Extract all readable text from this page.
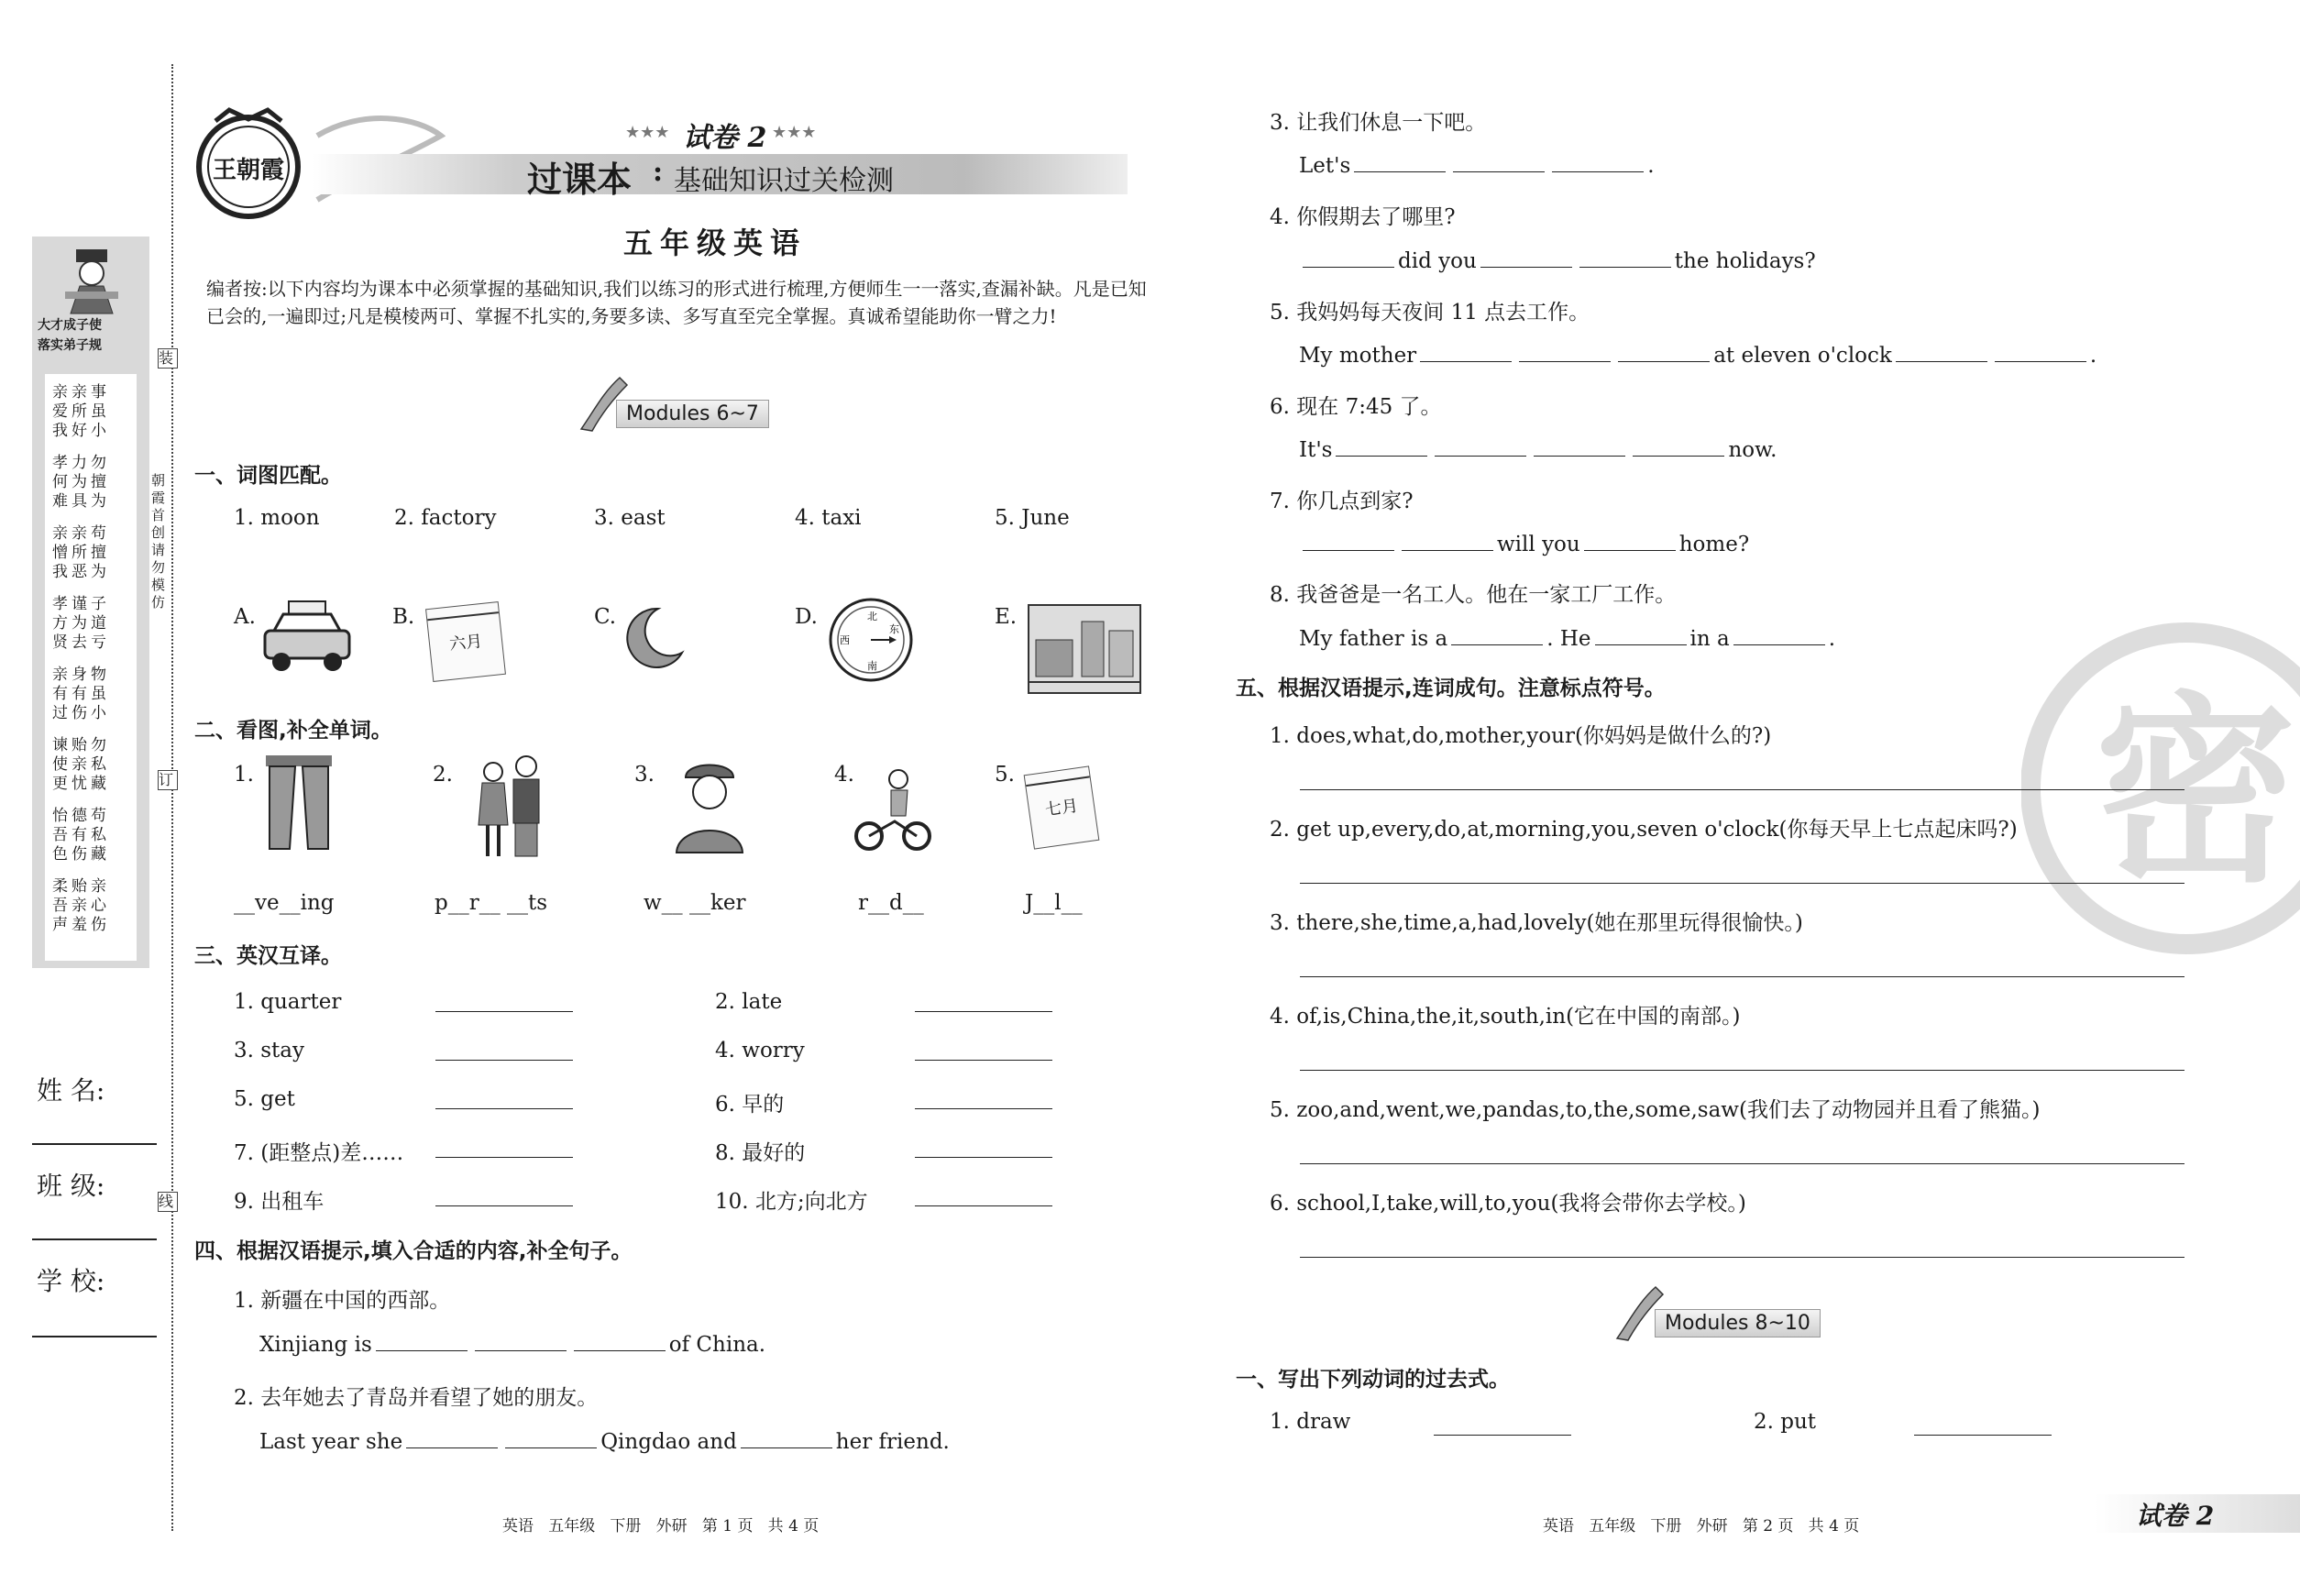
大才成子使
落实弟子规
亲亲事
爱所虽
我好小
孝力勿
何为擅
难具为
亲亲苟
憎所擅
我恶为
孝谨子
方为道
贤去亏
亲身物
有有虽
过伤小
谏贻勿
使亲私
更忧藏
怡德苟
吾有私
色伤藏
柔贻亲
吾亲心
声羞伤
装
订
线
朝霞首创 请勿模仿
姓 名:
班 级:
学 校:
王朝霞
★★★ 试卷 2 ★★★
过课本 : 基础知识过关检测
五年级英语
编者按:以下内容均为课本中必须掌握的基础知识,我们以练习的形式进行梳理,方便师生一一落实,查漏补缺。凡是已知已会的,一遍即过;凡是模棱两可、掌握不扎实的,务要多读、多写直至完全掌握。真诚希望能助你一臂之力!
Modules 6~7
一、词图匹配。
1. moon	2. factory	3. east	4. taxi	5. June
A.	B.
六月
C.	D.	北
东
南
西
E.
二、看图,补全单词。
1.	2.	3.	4.	5.
七月
__ve__ing	p__r__ __ts	w__ __ker	r__d__	J__l__
三、英汉互译。
1. quarter	2. late
3. stay	4. worry
5. get	6. 早的
7. (距整点)差……	8. 最好的
9. 出租车	10. 北方;向北方
四、根据汉语提示,填入合适的内容,补全句子。
1. 新疆在中国的西部。
Xinjiang is	of China.
2. 去年她去了青岛并看望了她的朋友。
Last year she	Qingdao and	her friend.
英语   五年级   下册   外研   第 1 页   共 4 页
密
3. 让我们休息一下吧。
Let's	.
4. 你假期去了哪里?
did you	the holidays?
5. 我妈妈每天夜间 11 点去工作。
My mother	at eleven o'clock	.
6. 现在 7:45 了。
It's	now.
7. 你几点到家?
will you	home?
8. 我爸爸是一名工人。他在一家工厂工作。
My father is a	. He	in a	.
五、根据汉语提示,连词成句。注意标点符号。
1. does,what,do,mother,your(你妈妈是做什么的?)
2. get up,every,do,at,morning,you,seven o'clock(你每天早上七点起床吗?)
3. there,she,time,a,had,lovely(她在那里玩得很愉快。)
4. of,is,China,the,it,south,in(它在中国的南部。)
5. zoo,and,went,we,pandas,to,the,some,saw(我们去了动物园并且看了熊猫。)
6. school,I,take,will,to,you(我将会带你去学校。)
Modules 8~10
一、写出下列动词的过去式。
1. draw	2. put
英语   五年级   下册   外研   第 2 页   共 4 页	试卷 2
